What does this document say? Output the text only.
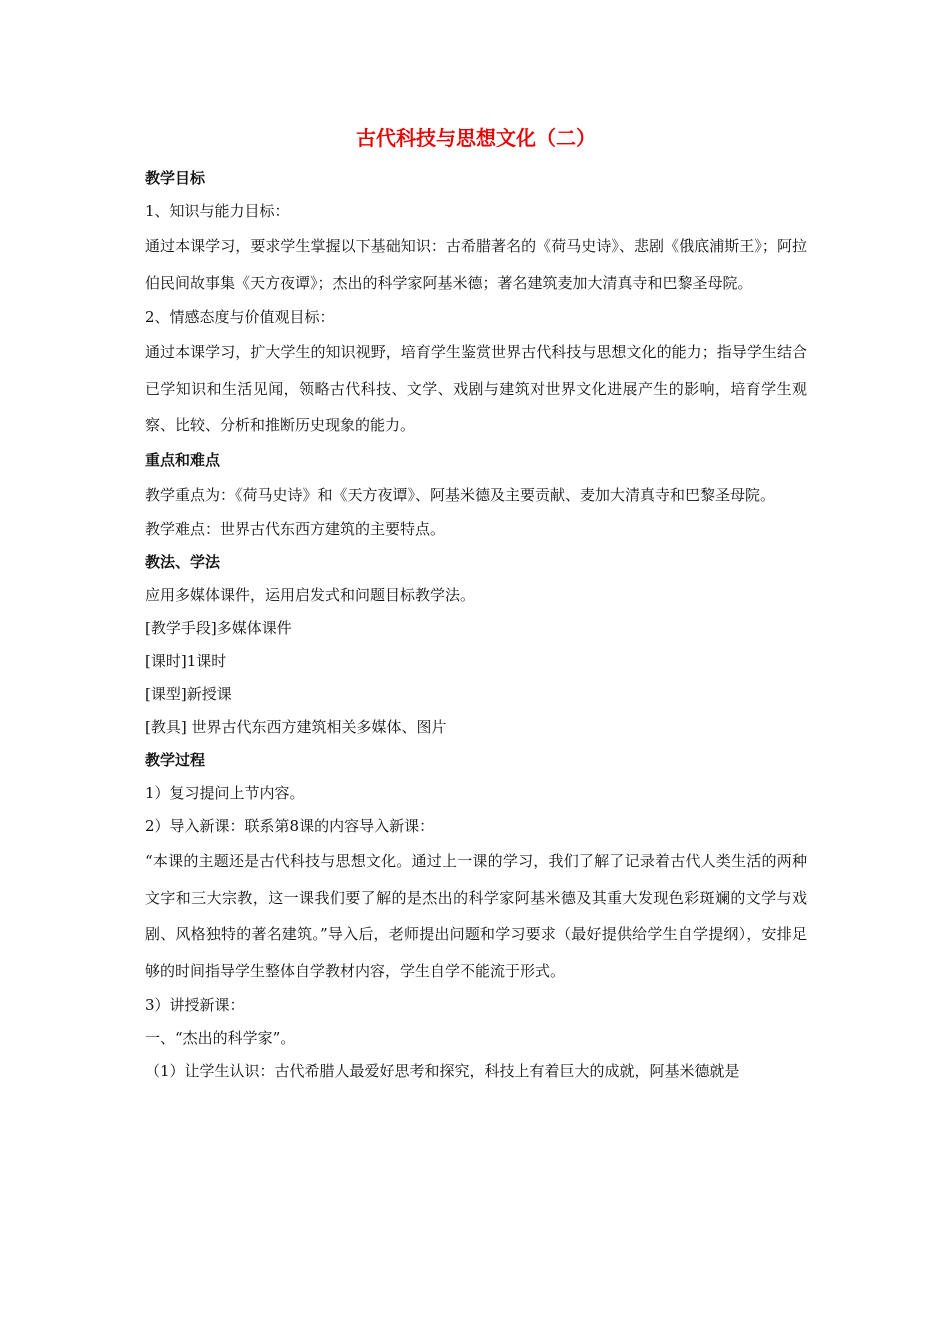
古代科技与思想文化（二）
教学目标
1、知识与能力目标：
通过本课学习，要求学生掌握以下基础知识：古希腊著名的《荷马史诗》、悲剧《俄底浦斯王》；阿拉伯民间故事集《天方夜谭》；杰出的科学家阿基米德；著名建筑麦加大清真寺和巴黎圣母院。
2、情感态度与价值观目标：
通过本课学习，扩大学生的知识视野，培育学生鉴赏世界古代科技与思想文化的能力；指导学生结合已学知识和生活见闻，领略古代科技、文学、戏剧与建筑对世界文化进展产生的影响，培育学生观察、比较、分析和推断历史现象的能力。
重点和难点
教学重点为：《荷马史诗》和《天方夜谭》、阿基米德及主要贡献、麦加大清真寺和巴黎圣母院。
教学难点：世界古代东西方建筑的主要特点。
教法、学法
应用多媒体课件，运用启发式和问题目标教学法。
[教学手段]多媒体课件
[课时]1课时
[课型]新授课
[教具] 世界古代东西方建筑相关多媒体、图片
教学过程
1）复习提问上节内容。
2）导入新课：联系第8课的内容导入新课：
“本课的主题还是古代科技与思想文化。通过上一课的学习，我们了解了记录着古代人类生活的两种文字和三大宗教，这一课我们要了解的是杰出的科学家阿基米德及其重大发现色彩斑斓的文学与戏剧、风格独特的著名建筑。”导入后，老师提出问题和学习要求（最好提供给学生自学提纲），安排足够的时间指导学生整体自学教材内容，学生自学不能流于形式。
3）讲授新课：
一、“杰出的科学家”。
（1）让学生认识：古代希腊人最爱好思考和探究，科技上有着巨大的成就，阿基米德就是
